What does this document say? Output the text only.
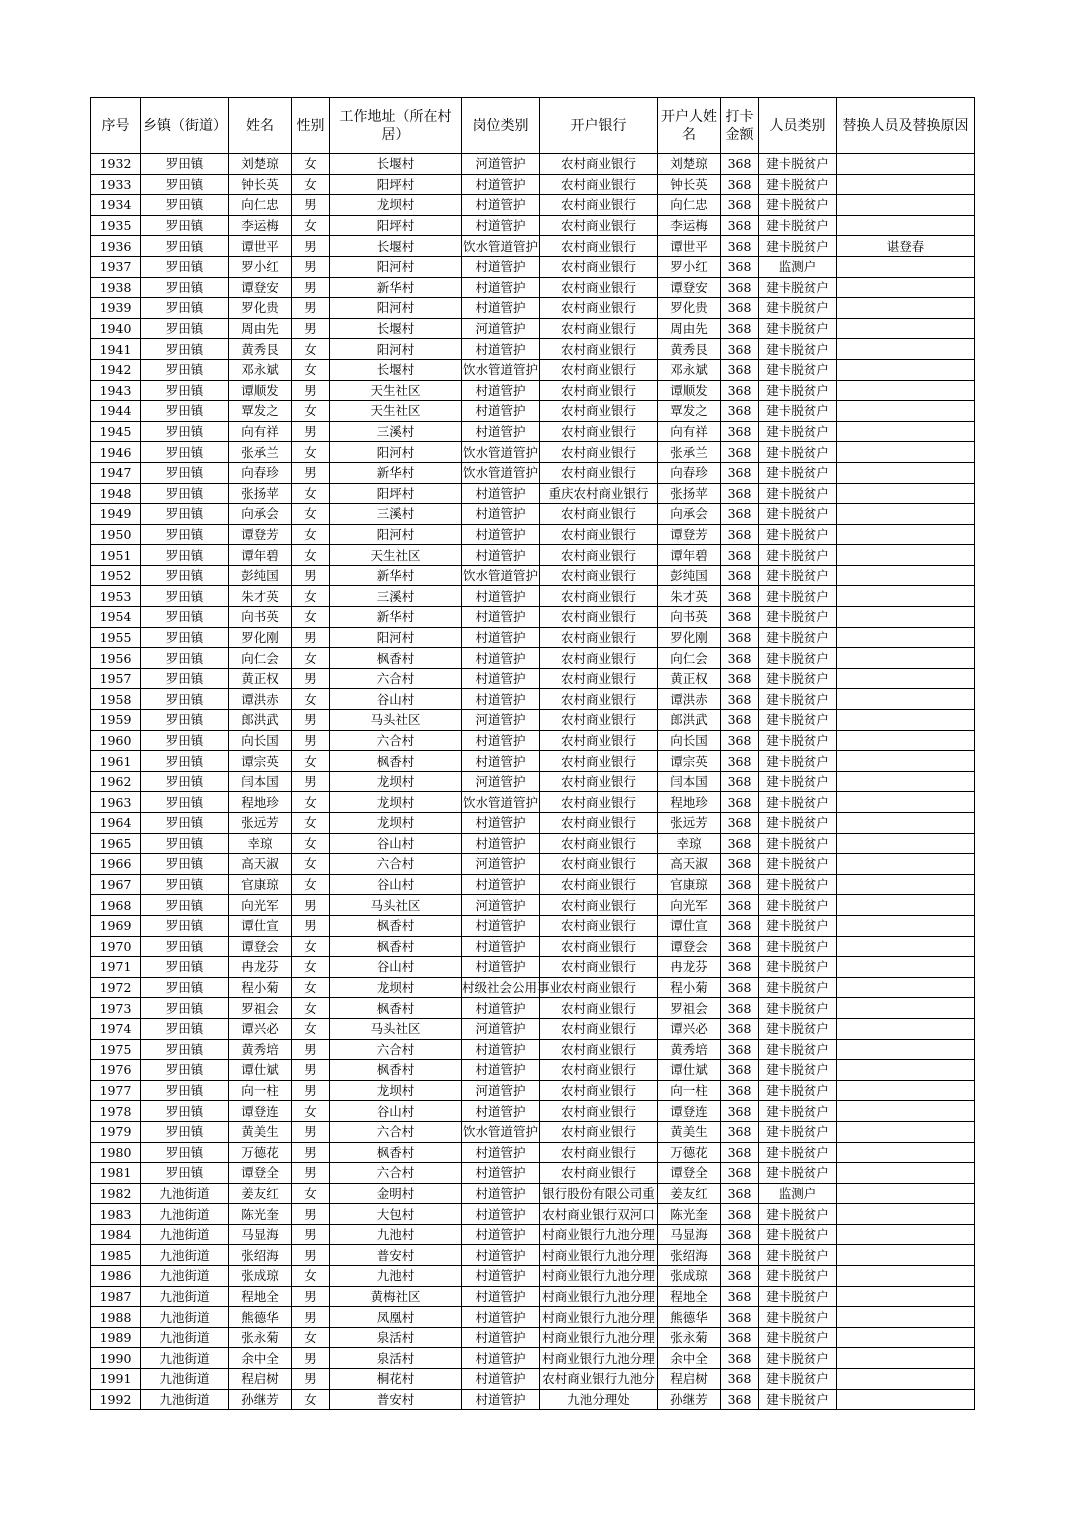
序号	乡镇（街道）	姓名	性别	工作地址（所在村居）	岗位类别	开户银行	开户人姓名	打卡金额	人员类别	替换人员及替换原因
1932	罗田镇	刘楚琼	女	长堰村	河道管护	农村商业银行	刘楚琼	368	建卡脱贫户	
1933	罗田镇	钟长英	女	阳坪村	村道管护	农村商业银行	钟长英	368	建卡脱贫户	
1934	罗田镇	向仁忠	男	龙坝村	村道管护	农村商业银行	向仁忠	368	建卡脱贫户	
1935	罗田镇	李运梅	女	阳坪村	村道管护	农村商业银行	李运梅	368	建卡脱贫户	
1936	罗田镇	谭世平	男	长堰村	饮水管道管护	农村商业银行	谭世平	368	建卡脱贫户	谌登春
1937	罗田镇	罗小红	男	阳河村	村道管护	农村商业银行	罗小红	368	监测户	
1938	罗田镇	谭登安	男	新华村	村道管护	农村商业银行	谭登安	368	建卡脱贫户	
1939	罗田镇	罗化贵	男	阳河村	村道管护	农村商业银行	罗化贵	368	建卡脱贫户	
1940	罗田镇	周由先	男	长堰村	河道管护	农村商业银行	周由先	368	建卡脱贫户	
1941	罗田镇	黄秀艮	女	阳河村	村道管护	农村商业银行	黄秀艮	368	建卡脱贫户	
1942	罗田镇	邓永斌	女	长堰村	饮水管道管护	农村商业银行	邓永斌	368	建卡脱贫户	
1943	罗田镇	谭顺发	男	天生社区	村道管护	农村商业银行	谭顺发	368	建卡脱贫户	
1944	罗田镇	覃发之	女	天生社区	村道管护	农村商业银行	覃发之	368	建卡脱贫户	
1945	罗田镇	向有祥	男	三溪村	村道管护	农村商业银行	向有祥	368	建卡脱贫户	
1946	罗田镇	张承兰	女	阳河村	饮水管道管护	农村商业银行	张承兰	368	建卡脱贫户	
1947	罗田镇	向春珍	男	新华村	饮水管道管护	农村商业银行	向春珍	368	建卡脱贫户	
1948	罗田镇	张扬苹	女	阳坪村	村道管护	重庆农村商业银行	张扬苹	368	建卡脱贫户	
1949	罗田镇	向承会	女	三溪村	村道管护	农村商业银行	向承会	368	建卡脱贫户	
1950	罗田镇	谭登芳	女	阳河村	村道管护	农村商业银行	谭登芳	368	建卡脱贫户	
1951	罗田镇	谭年碧	女	天生社区	村道管护	农村商业银行	谭年碧	368	建卡脱贫户	
1952	罗田镇	彭纯国	男	新华村	饮水管道管护	农村商业银行	彭纯国	368	建卡脱贫户	
1953	罗田镇	朱才英	女	三溪村	村道管护	农村商业银行	朱才英	368	建卡脱贫户	
1954	罗田镇	向书英	女	新华村	村道管护	农村商业银行	向书英	368	建卡脱贫户	
1955	罗田镇	罗化刚	男	阳河村	村道管护	农村商业银行	罗化刚	368	建卡脱贫户	
1956	罗田镇	向仁会	女	枫香村	村道管护	农村商业银行	向仁会	368	建卡脱贫户	
1957	罗田镇	黄正权	男	六合村	村道管护	农村商业银行	黄正权	368	建卡脱贫户	
1958	罗田镇	谭洪赤	女	谷山村	村道管护	农村商业银行	谭洪赤	368	建卡脱贫户	
1959	罗田镇	郎洪武	男	马头社区	河道管护	农村商业银行	郎洪武	368	建卡脱贫户	
1960	罗田镇	向长国	男	六合村	村道管护	农村商业银行	向长国	368	建卡脱贫户	
1961	罗田镇	谭宗英	女	枫香村	村道管护	农村商业银行	谭宗英	368	建卡脱贫户	
1962	罗田镇	闫本国	男	龙坝村	河道管护	农村商业银行	闫本国	368	建卡脱贫户	
1963	罗田镇	程地珍	女	龙坝村	饮水管道管护	农村商业银行	程地珍	368	建卡脱贫户	
1964	罗田镇	张远芳	女	龙坝村	村道管护	农村商业银行	张远芳	368	建卡脱贫户	
1965	罗田镇	幸琼	女	谷山村	村道管护	农村商业银行	幸琼	368	建卡脱贫户	
1966	罗田镇	高天淑	女	六合村	河道管护	农村商业银行	高天淑	368	建卡脱贫户	
1967	罗田镇	官康琼	女	谷山村	村道管护	农村商业银行	官康琼	368	建卡脱贫户	
1968	罗田镇	向光军	男	马头社区	河道管护	农村商业银行	向光军	368	建卡脱贫户	
1969	罗田镇	谭仕宣	男	枫香村	村道管护	农村商业银行	谭仕宣	368	建卡脱贫户	
1970	罗田镇	谭登会	女	枫香村	村道管护	农村商业银行	谭登会	368	建卡脱贫户	
1971	罗田镇	冉龙芬	女	谷山村	村道管护	农村商业银行	冉龙芬	368	建卡脱贫户	
1972	罗田镇	程小菊	女	龙坝村	村级社会公用事业	农村商业银行	程小菊	368	建卡脱贫户	
1973	罗田镇	罗祖会	女	枫香村	村道管护	农村商业银行	罗祖会	368	建卡脱贫户	
1974	罗田镇	谭兴必	女	马头社区	河道管护	农村商业银行	谭兴必	368	建卡脱贫户	
1975	罗田镇	黄秀培	男	六合村	村道管护	农村商业银行	黄秀培	368	建卡脱贫户	
1976	罗田镇	谭仕斌	男	枫香村	村道管护	农村商业银行	谭仕斌	368	建卡脱贫户	
1977	罗田镇	向一柱	男	龙坝村	河道管护	农村商业银行	向一柱	368	建卡脱贫户	
1978	罗田镇	谭登连	女	谷山村	村道管护	农村商业银行	谭登连	368	建卡脱贫户	
1979	罗田镇	黄美生	男	六合村	饮水管道管护	农村商业银行	黄美生	368	建卡脱贫户	
1980	罗田镇	万德花	男	枫香村	村道管护	农村商业银行	万德花	368	建卡脱贫户	
1981	罗田镇	谭登全	男	六合村	村道管护	农村商业银行	谭登全	368	建卡脱贫户	
1982	九池街道	姜友红	女	金明村	村道管护	银行股份有限公司重	姜友红	368	监测户	
1983	九池街道	陈光奎	男	大包村	村道管护	农村商业银行双河口	陈光奎	368	建卡脱贫户	
1984	九池街道	马显海	男	九池村	村道管护	村商业银行九池分理	马显海	368	建卡脱贫户	
1985	九池街道	张绍海	男	普安村	村道管护	村商业银行九池分理	张绍海	368	建卡脱贫户	
1986	九池街道	张成琼	女	九池村	村道管护	村商业银行九池分理	张成琼	368	建卡脱贫户	
1987	九池街道	程地全	男	黄梅社区	村道管护	村商业银行九池分理	程地全	368	建卡脱贫户	
1988	九池街道	熊德华	男	凤凰村	村道管护	村商业银行九池分理	熊德华	368	建卡脱贫户	
1989	九池街道	张永菊	女	泉活村	村道管护	村商业银行九池分理	张永菊	368	建卡脱贫户	
1990	九池街道	余中全	男	泉活村	村道管护	村商业银行九池分理	余中全	368	建卡脱贫户	
1991	九池街道	程启树	男	桐花村	村道管护	农村商业银行九池分	程启树	368	建卡脱贫户	
1992	九池街道	孙继芳	女	普安村	村道管护	九池分理处	孙继芳	368	建卡脱贫户	
